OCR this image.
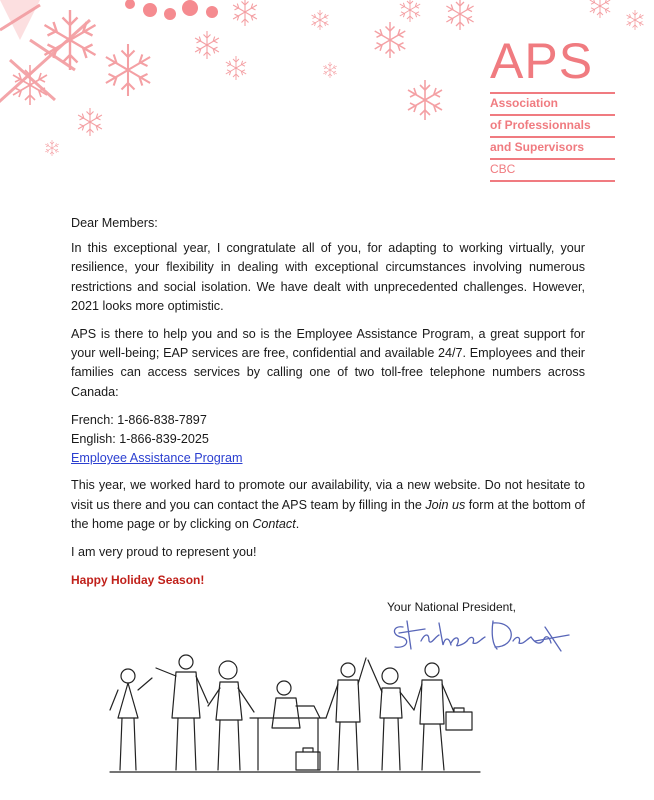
APS
Association
of Professionnals
and Supervisors
CBC

Dear Members:

In this exceptional year, I congratulate all of you, for adapting to working virtually, your resilience, your flexibility in dealing with exceptional circumstances involving numerous restrictions and social isolation. We have dealt with unprecedented challenges. However, 2021 looks more optimistic.

APS is there to help you and so is the Employee Assistance Program, a great support for your well-being; EAP services are free, confidential and available 24/7. Employees and their families can access services by calling one of two toll-free telephone numbers across Canada:

French: 1-866-838-7897

English: 1-866-839-2025

Employee Assistance Program

This year, we worked hard to promote our availability, via a new website. Do not hesitate to visit us there and you can contact the APS team by filling in the Join us form at the bottom of the home page or by clicking on Contact.

I am very proud to represent you!

Happy Holiday Season!

Your National President,
